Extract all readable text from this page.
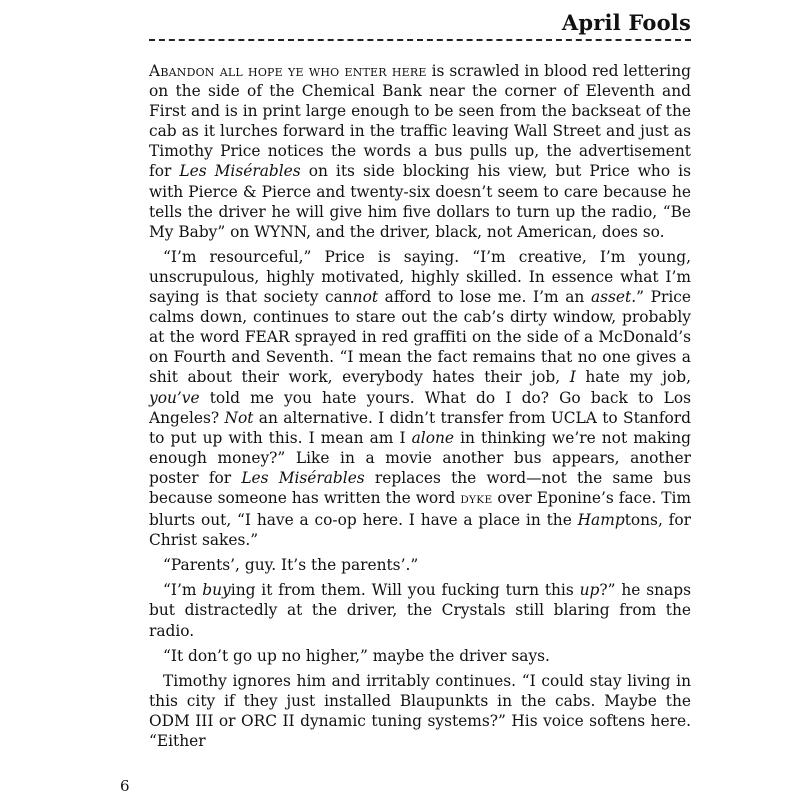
April Fools

Abandon all hope ye who enter here is scrawled in blood red lettering on the side of the Chemical Bank near the corner of Eleventh and First and is in print large enough to be seen from the backseat of the cab as it lurches forward in the traffic leaving Wall Street and just as Timothy Price notices the words a bus pulls up, the advertisement for Les Misérables on its side blocking his view, but Price who is with Pierce & Pierce and twenty-six doesn’t seem to care because he tells the driver he will give him five dollars to turn up the radio, “Be My Baby” on WYNN, and the driver, black, not American, does so.

“I’m resourceful,” Price is saying. “I’m creative, I’m young, unscrupulous, highly motivated, highly skilled. In essence what I’m saying is that society cannot afford to lose me. I’m an asset.” Price calms down, continues to stare out the cab’s dirty window, probably at the word FEAR sprayed in red graffiti on the side of a McDonald’s on Fourth and Seventh. “I mean the fact remains that no one gives a shit about their work, everybody hates their job, I hate my job, you’ve told me you hate yours. What do I do? Go back to Los Angeles? Not an alternative. I didn’t transfer from UCLA to Stanford to put up with this. I mean am I alone in thinking we’re not making enough money?” Like in a movie another bus appears, another poster for Les Misérables replaces the word—not the same bus because someone has written the word DYKE over Eponine’s face. Tim blurts out, “I have a co-op here. I have a place in the Hamptons, for Christ sakes.”

“Parents’, guy. It’s the parents’.”

“I’m buying it from them. Will you fucking turn this up?” he snaps but distractedly at the driver, the Crystals still blaring from the radio.

“It don’t go up no higher,” maybe the driver says.

Timothy ignores him and irritably continues. “I could stay living in this city if they just installed Blaupunkts in the cabs. Maybe the ODM III or ORC II dynamic tuning systems?” His voice softens here. “Either

6
